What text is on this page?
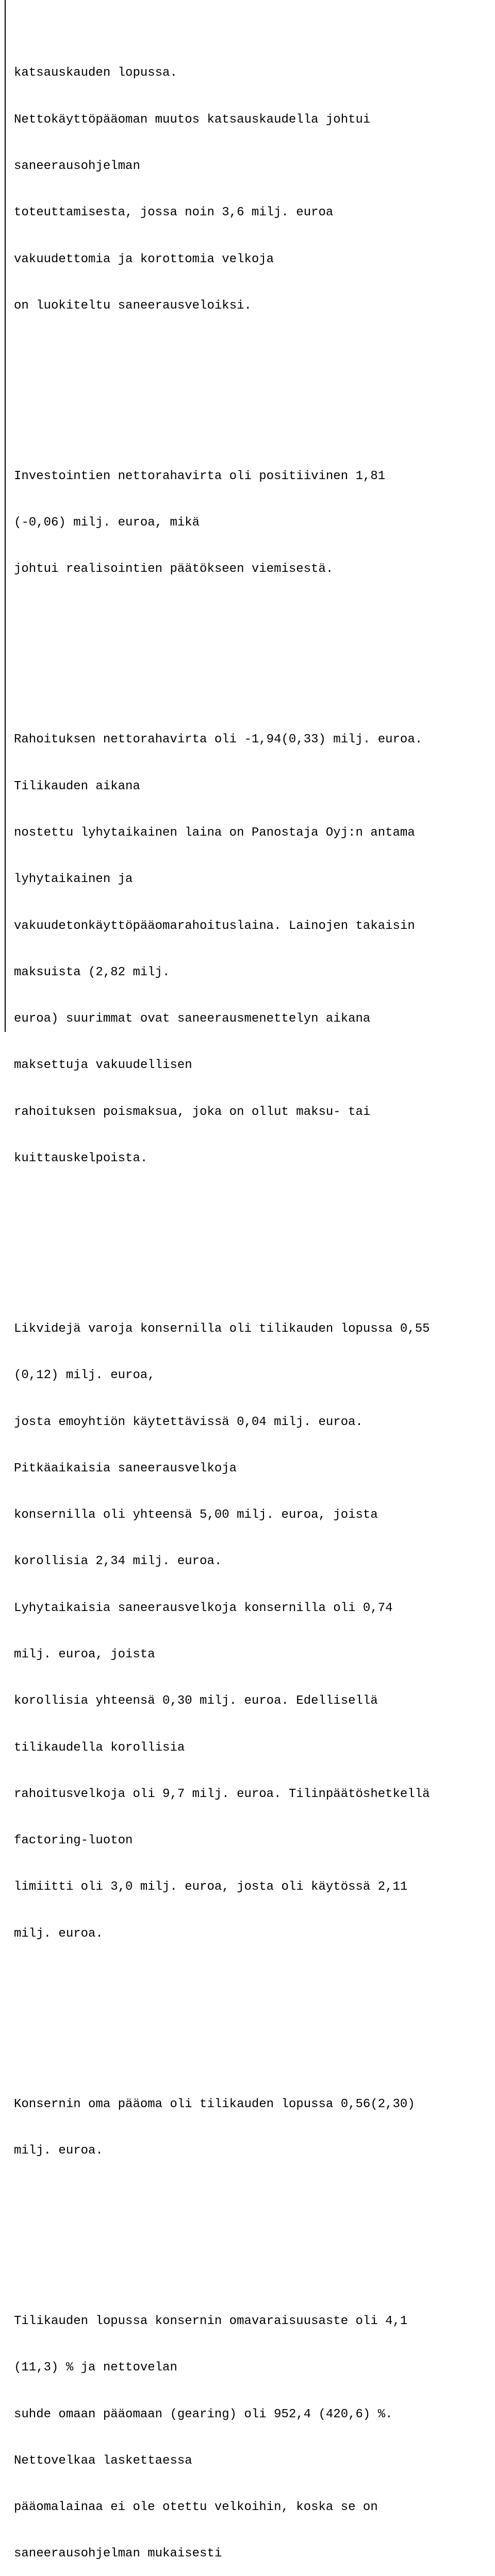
katsauskauden lopussa.

Nettokäyttöpääoman muutos katsauskaudella johtui

saneerausohjelman

toteuttamisesta, jossa noin 3,6 milj. euroa

vakuudettomia ja korottomia velkoja

on luokiteltu saneerausveloiksi.

Investointien nettorahavirta oli positiivinen 1,81

(-0,06) milj. euroa, mikä

johtui realisointien päätökseen viemisestä.

Rahoituksen nettorahavirta oli -1,94(0,33) milj. euroa.

Tilikauden aikana

nostettu lyhytaikainen laina on Panostaja Oyj:n antama

lyhytaikainen ja

vakuudetonkäyttöpääomarahoituslaina. Lainojen takaisin

maksuista (2,82 milj.

euroa) suurimmat ovat saneerausmenettelyn aikana

maksettuja vakuudellisen

rahoituksen poismaksua, joka on ollut maksu- tai

kuittauskelpoista.

Likvidejä varoja konsernilla oli tilikauden lopussa 0,55

(0,12) milj. euroa,

josta emoyhtiön käytettävissä 0,04 milj. euroa.

Pitkäaikaisia saneerausvelkoja

konsernilla oli yhteensä 5,00 milj. euroa, joista

korollisia 2,34 milj. euroa.

Lyhytaikaisia saneerausvelkoja konsernilla oli 0,74

milj. euroa, joista

korollisia yhteensä 0,30 milj. euroa. Edellisellä

tilikaudella korollisia

rahoitusvelkoja oli 9,7 milj. euroa. Tilinpäätöshetkellä

factoring-luoton

limiitti oli 3,0 milj. euroa, josta oli käytössä 2,11

milj. euroa.

Konsernin oma pääoma oli tilikauden lopussa 0,56(2,30)

milj. euroa.

Tilikauden lopussa konsernin omavaraisuusaste oli 4,1

(11,3) % ja nettovelan

suhde omaan pääomaan (gearing) oli 952,4 (420,6) %.

Nettovelkaa laskettaessa

pääomalainaa ei ole otettu velkoihin, koska se on

saneerausohjelman mukaisesti
